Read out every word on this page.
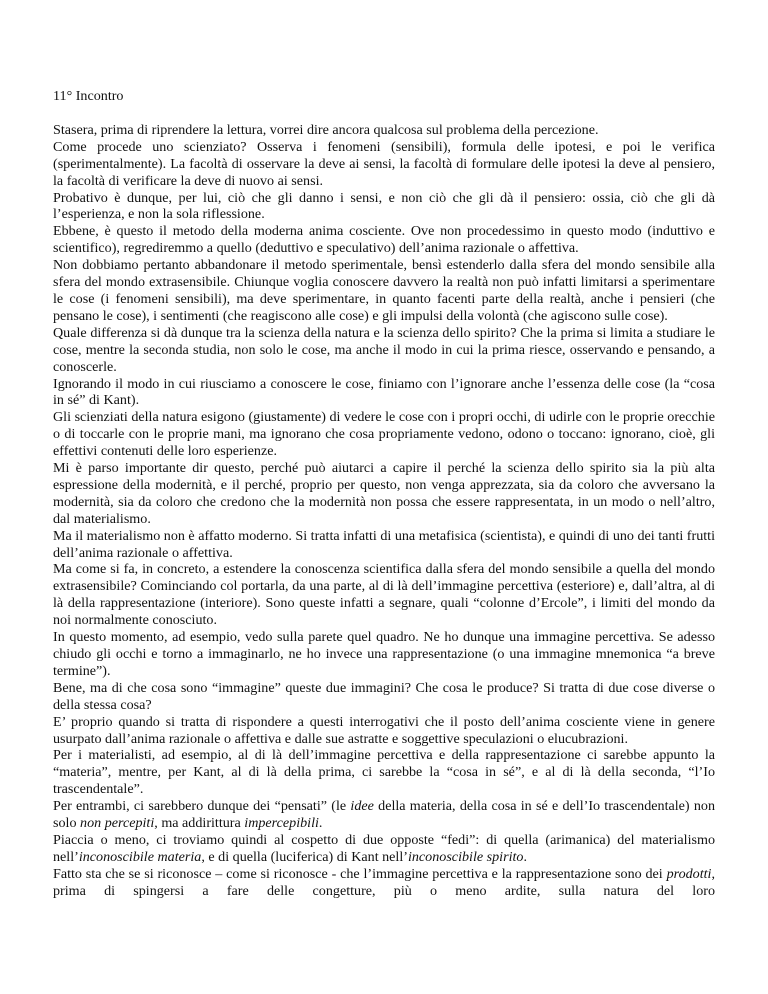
11° Incontro

Stasera, prima di riprendere la lettura, vorrei dire ancora qualcosa sul problema della percezione.

Come procede uno scienziato? Osserva i fenomeni (sensibili), formula delle ipotesi, e poi le verifica (sperimentalmente). La facoltà di osservare la deve ai sensi, la facoltà di formulare delle ipotesi la deve al pensiero, la facoltà di verificare la deve di nuovo ai sensi.

Probativo è dunque, per lui, ciò che gli danno i sensi, e non ciò che gli dà il pensiero: ossia, ciò che gli dà l’esperienza, e non la sola riflessione.

Ebbene, è questo il metodo della moderna anima cosciente. Ove non procedessimo in questo modo (induttivo e scientifico), regrediremmo a quello (deduttivo e speculativo) dell’anima razionale o affettiva.

Non dobbiamo pertanto abbandonare il metodo sperimentale, bensì estenderlo dalla sfera del mondo sensibile alla sfera del mondo extrasensibile. Chiunque voglia conoscere davvero la realtà non può infatti limitarsi a sperimentare le cose (i fenomeni sensibili), ma deve sperimentare, in quanto facenti parte della realtà, anche i pensieri (che pensano le cose), i sentimenti (che reagiscono alle cose) e gli impulsi della volontà (che agiscono sulle cose).

Quale differenza si dà dunque tra la scienza della natura e la scienza dello spirito? Che la prima si limita a studiare le cose, mentre la seconda studia, non solo le cose, ma anche il modo in cui la prima riesce, osservando e pensando, a conoscerle.

Ignorando il modo in cui riusciamo a conoscere le cose, finiamo con l’ignorare anche l’essenza delle cose (la “cosa in sé” di Kant).

Gli scienziati della natura esigono (giustamente) di vedere le cose con i propri occhi, di udirle con le proprie orecchie o di toccarle con le proprie mani, ma ignorano che cosa propriamente vedono, odono o toccano: ignorano, cioè, gli effettivi contenuti delle loro esperienze.

Mi è parso importante dir questo, perché può aiutarci a capire il perché la scienza dello spirito sia la più alta espressione della modernità, e il perché, proprio per questo, non venga apprezzata, sia da coloro che avversano la modernità, sia da coloro che credono che la modernità non possa che essere rappresentata, in un modo o nell’altro, dal materialismo.

Ma il materialismo non è affatto moderno. Si tratta infatti di una metafisica (scientista), e quindi di uno dei tanti frutti dell’anima razionale o affettiva.

Ma come si fa, in concreto, a estendere la conoscenza scientifica dalla sfera del mondo sensibile a quella del mondo extrasensibile? Cominciando col portarla, da una parte, al di là dell’immagine percettiva (esteriore) e, dall’altra, al di là della rappresentazione (interiore). Sono queste infatti a segnare, quali “colonne d’Ercole”, i limiti del mondo da noi normalmente conosciuto.

In questo momento, ad esempio, vedo sulla parete quel quadro. Ne ho dunque una immagine percettiva. Se adesso chiudo gli occhi e torno a immaginarlo, ne ho invece una rappresentazione (o una immagine mnemonica “a breve termine”).

Bene, ma di che cosa sono “immagine” queste due immagini? Che cosa le produce? Si tratta di due cose diverse o della stessa cosa?

E’ proprio quando si tratta di rispondere a questi interrogativi che il posto dell’anima cosciente viene in genere usurpato dall’anima razionale o affettiva e dalle sue astratte e soggettive speculazioni o elucubrazioni.

Per i materialisti, ad esempio, al di là dell’immagine percettiva e della rappresentazione ci sarebbe appunto la “materia”, mentre, per Kant, al di là della prima, ci sarebbe la “cosa in sé”, e al di là della seconda, “l’Io trascendentale”.

Per entrambi, ci sarebbero dunque dei “pensati” (le idee della materia, della cosa in sé e dell’Io trascendentale) non solo non percepiti, ma addirittura impercepibili.

Piaccia o meno, ci troviamo quindi al cospetto di due opposte “fedi”: di quella (arimanica) del materialismo nell’inconoscibile materia, e di quella (luciferica) di Kant nell’inconoscibile spirito.

Fatto sta che se si riconosce – come si riconosce - che l’immagine percettiva e la rappresentazione sono dei prodotti, prima di spingersi a fare delle congetture, più o meno ardite, sulla natura del loro
